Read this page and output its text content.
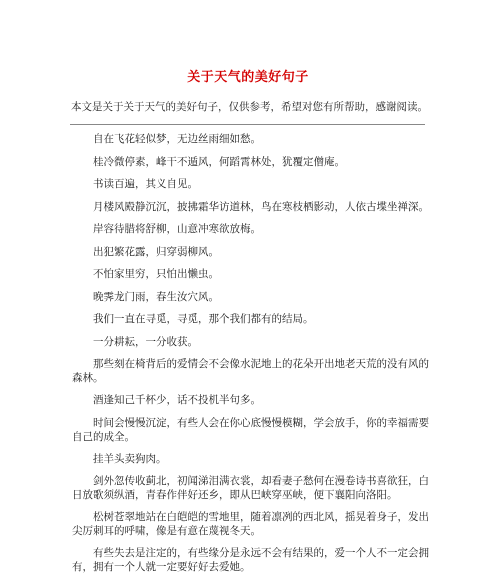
关于天气的美好句子
本文是关于关于天气的美好句子，仅供参考，希望对您有所帮助，感谢阅读。

自在飞花轻似梦，无边丝雨细如愁。

桂冷微停素，峰干不遁风，何蹈霄林处，犹覆定僧庵。

书读百遍，其义自见。

月楼风殿静沉沉，披拂霜华访道林，鸟在寒枝栖影动，人依古堞坐禅深。

岸容待腊将舒柳，山意冲寒欲放梅。

出犯繁花露，归穿弱柳风。

不怕家里穷，只怕出懒虫。

晚霁龙门雨，春生汝穴风。

我们一直在寻觅，寻觅，那个我们都有的结局。

一分耕耘，一分收获。

那些刻在椅背后的爱情会不会像水泥地上的花朵开出地老天荒的没有风的森林。

酒逢知己千杯少，话不投机半句多。

时间会慢慢沉淀，有些人会在你心底慢慢模糊，学会放手，你的幸福需要自己的成全。

挂羊头卖狗肉。

剑外忽传收蓟北，初闻涕泪满衣裳，却看妻子愁何在漫卷诗书喜欲狂，白日放歌须纵酒，青春作伴好还乡，即从巴峡穿巫峡，便下襄阳向洛阳。

松树苍翠地站在白皑皑的雪地里，随着凛冽的西北风，摇晃着身子，发出尖厉刺耳的呼啸，像是有意在蔑视冬天。

有些失去是注定的，有些缘分是永远不会有结果的，爱一个人不一定会拥有，拥有一个人就一定要好好去爱她。
